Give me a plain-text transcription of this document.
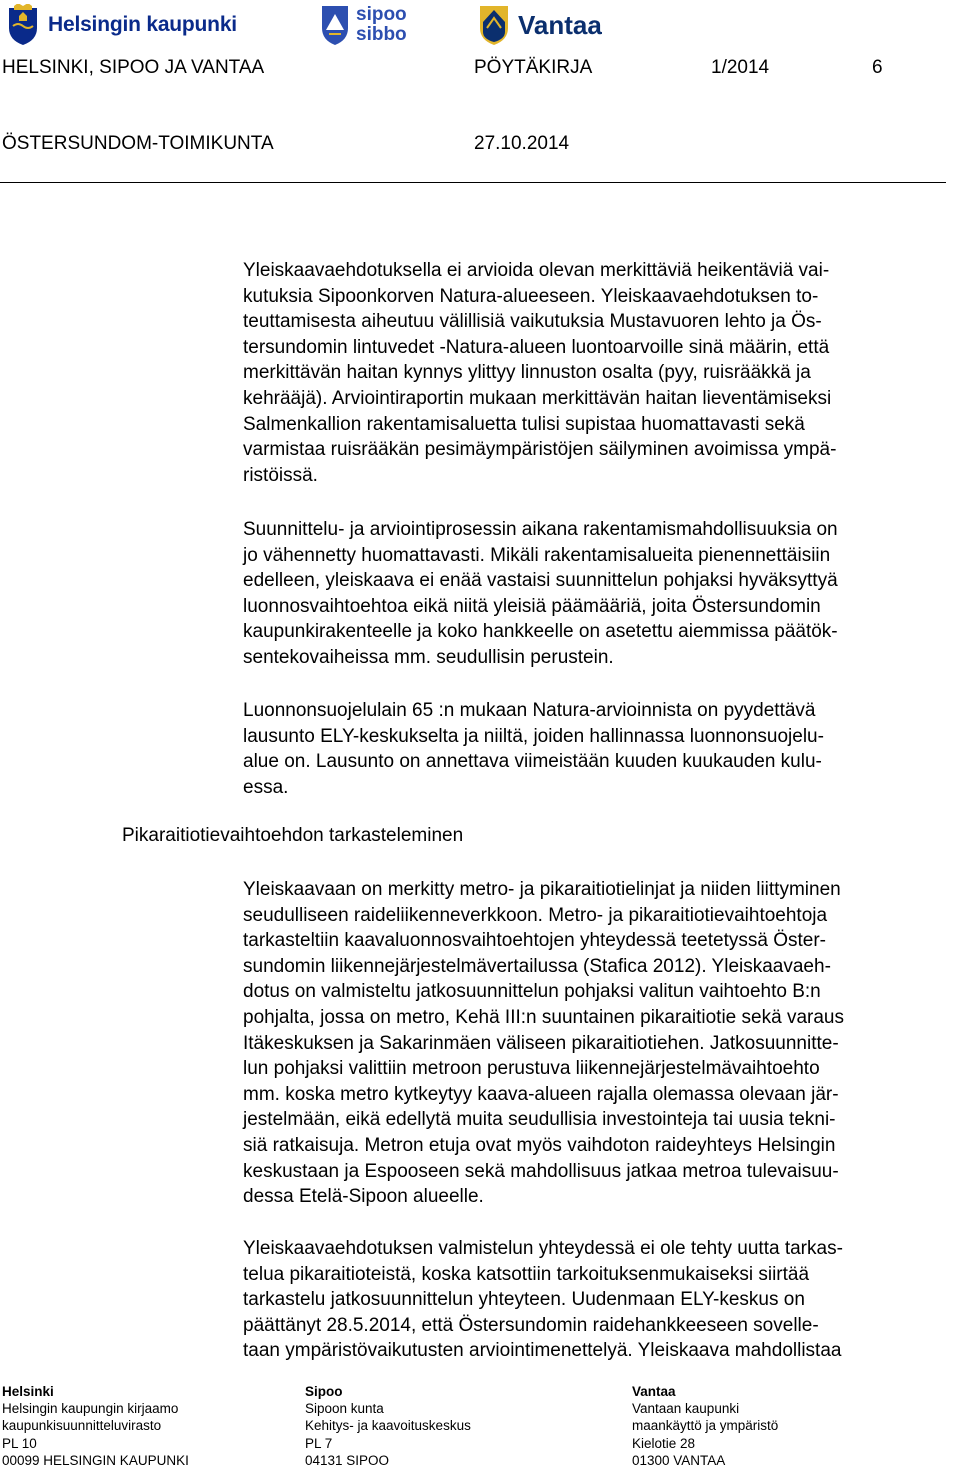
Helsingin kaupunki	sipoo
sibbo	Vantaa
HELSINKI, SIPOO JA VANTAA	PÖYTÄKIRJA	1/2014	6
ÖSTERSUNDOM-TOIMIKUNTA	27.10.2014
Yleiskaavaehdotuksella ei arvioida olevan merkittäviä heikentäviä vai-
kutuksia Sipoonkorven Natura-alueeseen. Yleiskaavaehdotuksen to-
teuttamisesta aiheutuu välillisiä vaikutuksia Mustavuoren lehto ja Ös-
tersundomin lintuvedet -Natura-alueen luontoarvoille sinä määrin, että
merkittävän haitan kynnys ylittyy linnuston osalta (pyy, ruisrääkkä ja
kehrääjä). Arviointiraportin mukaan merkittävän haitan lieventämiseksi
Salmenkallion rakentamisaluetta tulisi supistaa huomattavasti sekä
varmistaa ruisrääkän pesimäympäristöjen säilyminen avoimissa ympä-
ristöissä.
Suunnittelu- ja arviointiprosessin aikana rakentamismahdollisuuksia on
jo vähennetty huomattavasti. Mikäli rakentamisalueita pienennettäisiin
edelleen, yleiskaava ei enää vastaisi suunnittelun pohjaksi hyväksyttyä
luonnosvaihtoehtoa eikä niitä yleisiä päämääriä, joita Östersundomin
kaupunkirakenteelle ja koko hankkeelle on asetettu aiemmissa päätök-
sentekovaiheissa mm. seudullisin perustein.
Luonnonsuojelulain 65 :n mukaan Natura-arvioinnista on pyydettävä
lausunto ELY-keskukselta ja niiltä, joiden hallinnassa luonnonsuojelu-
alue on. Lausunto on annettava viimeistään kuuden kuukauden kulu-
essa.
Pikaraitiotievaihtoehdon tarkasteleminen
Yleiskaavaan on merkitty metro- ja pikaraitiotielinjat ja niiden liittyminen
seudulliseen raideliikenneverkkoon. Metro- ja pikaraitiotievaihtoehtoja
tarkasteltiin kaavaluonnosvaihtoehtojen yhteydessä teetetyssä Öster-
sundomin liikennejärjestelmävertailussa (Stafica 2012). Yleiskaavaeh-
dotus on valmisteltu jatkosuunnittelun pohjaksi valitun vaihtoehto B:n
pohjalta, jossa on metro, Kehä III:n suuntainen pikaraitiotie sekä varaus
Itäkeskuksen ja Sakarinmäen väliseen pikaraitiotiehen. Jatkosuunnitte-
lun pohjaksi valittiin metroon perustuva liikennejärjestelmävaihtoehto
mm. koska metro kytkeytyy kaava-alueen rajalla olemassa olevaan jär-
jestelmään, eikä edellytä muita seudullisia investointeja tai uusia tekni-
siä ratkaisuja. Metron etuja ovat myös vaihdoton raideyhteys Helsingin
keskustaan ja Espooseen sekä mahdollisuus jatkaa metroa tulevaisuu-
dessa Etelä-Sipoon alueelle.
Yleiskaavaehdotuksen valmistelun yhteydessä ei ole tehty uutta tarkas-
telua pikaraitioteistä, koska katsottiin tarkoituksenmukaiseksi siirtää
tarkastelu jatkosuunnittelun yhteyteen. Uudenmaan ELY-keskus on
päättänyt 28.5.2014, että Östersundomin raidehankkeeseen sovelle-
taan ympäristövaikutusten arviointimenettelyä. Yleiskaava mahdollistaa
Helsinki
Helsingin kaupungin kirjaamo
kaupunkisuunnitteluvirasto
PL 10
00099 HELSINGIN KAUPUNKI
Sipoo
Sipoon kunta
Kehitys- ja kaavoituskeskus
PL 7
04131 SIPOO
Vantaa
Vantaan kaupunki
maankäyttö ja ympäristö
Kielotie 28
01300 VANTAA
